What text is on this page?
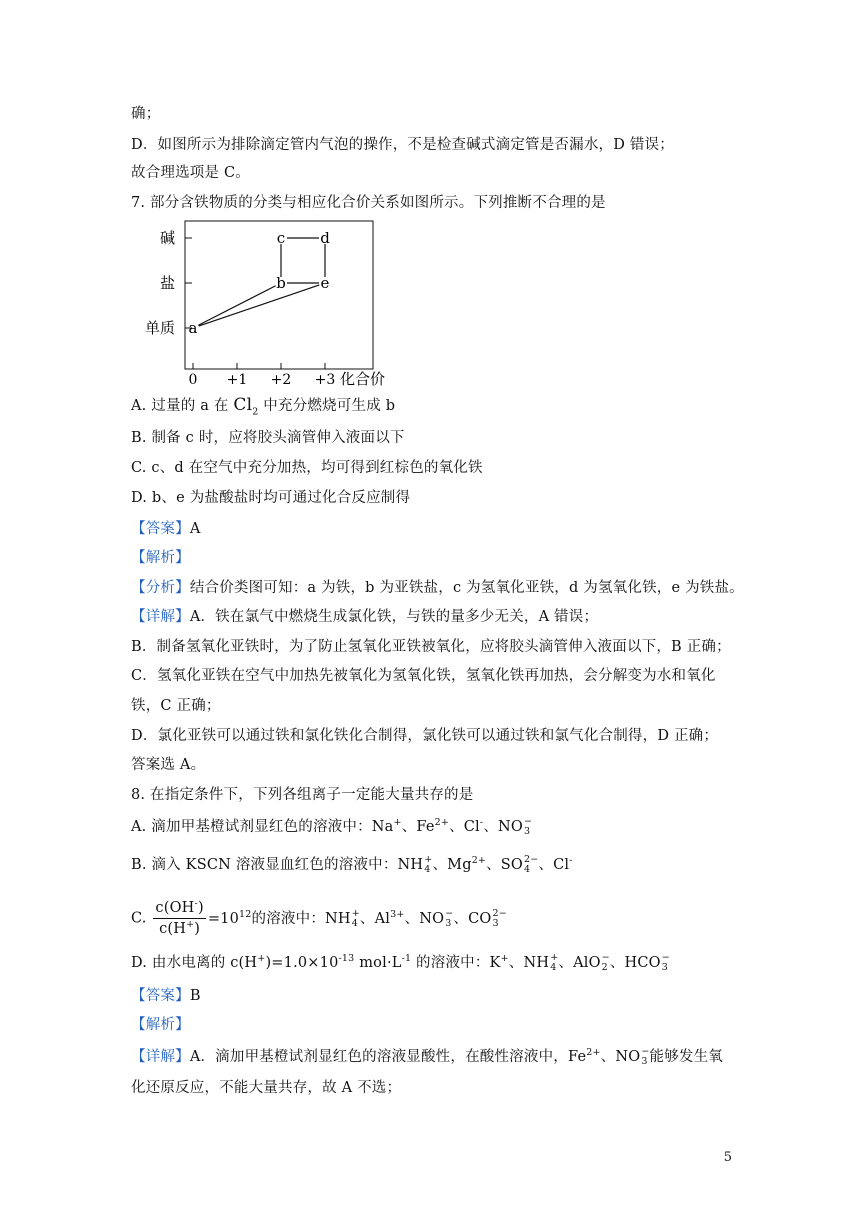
确；
D．如图所示为排除滴定管内气泡的操作，不是检查碱式滴定管是否漏水，D 错误；
故合理选项是 C。
7. 部分含铁物质的分类与相应化合价关系如图所示。下列推断不合理的是
碱
盐
单质
0 +1 +2 +3
a
b
c d
e
化合价
A. 过量的 a 在 $Cl_2$ 中充分燃烧可生成 b
B. 制备 c 时，应将胶头滴管伸入液面以下
C. c、d 在空气中充分加热，均可得到红棕色的氧化铁
D. b、e 为盐酸盐时均可通过化合反应制得
【答案】A
【解析】
【分析】结合价类图可知：a 为铁，b 为亚铁盐，c 为氢氧化亚铁，d 为氢氧化铁，e 为铁盐。
【详解】A．铁在氯气中燃烧生成氯化铁，与铁的量多少无关，A 错误；
B．制备氢氧化亚铁时，为了防止氢氧化亚铁被氧化，应将胶头滴管伸入液面以下，B 正确；
C．氢氧化亚铁在空气中加热先被氧化为氢氧化铁，氢氧化铁再加热，会分解变为水和氧化
铁，C 正确；
D．氯化亚铁可以通过铁和氯化铁化合制得，氯化铁可以通过铁和氯气化合制得，D 正确；
答案选 A。
8. 在指定条件下，下列各组离子一定能大量共存的是
A. 滴加甲基橙试剂显红色的溶液中：Na+、$Fe^{2+}$、Cl-、NO −
3
B. 滴入 KSCN 溶液显血红色的溶液中：NH +
4 、$Mg^{2+}$、SO 2−
4 、Cl-
C. $\frac{c(OH^-)}{c(H^+)} =10^{12}$的溶液中：NH +
4 、$Al^{3+}$、NO −
3 、CO 2−
3
D. 由水电离的 $c(H^+)=1.0\times 10^{-13}$ $mol\cdot L^{-1}$ 的溶液中：K+、NH +
4 、AlO −
2 、HCO −
3
【答案】B
【解析】
【详解】A．滴加甲基橙试剂显红色的溶液显酸性，在酸性溶液中，$Fe^{2+}$、NO −
3 能够发生氧
化还原反应，不能大量共存，故 A 不选；
5
